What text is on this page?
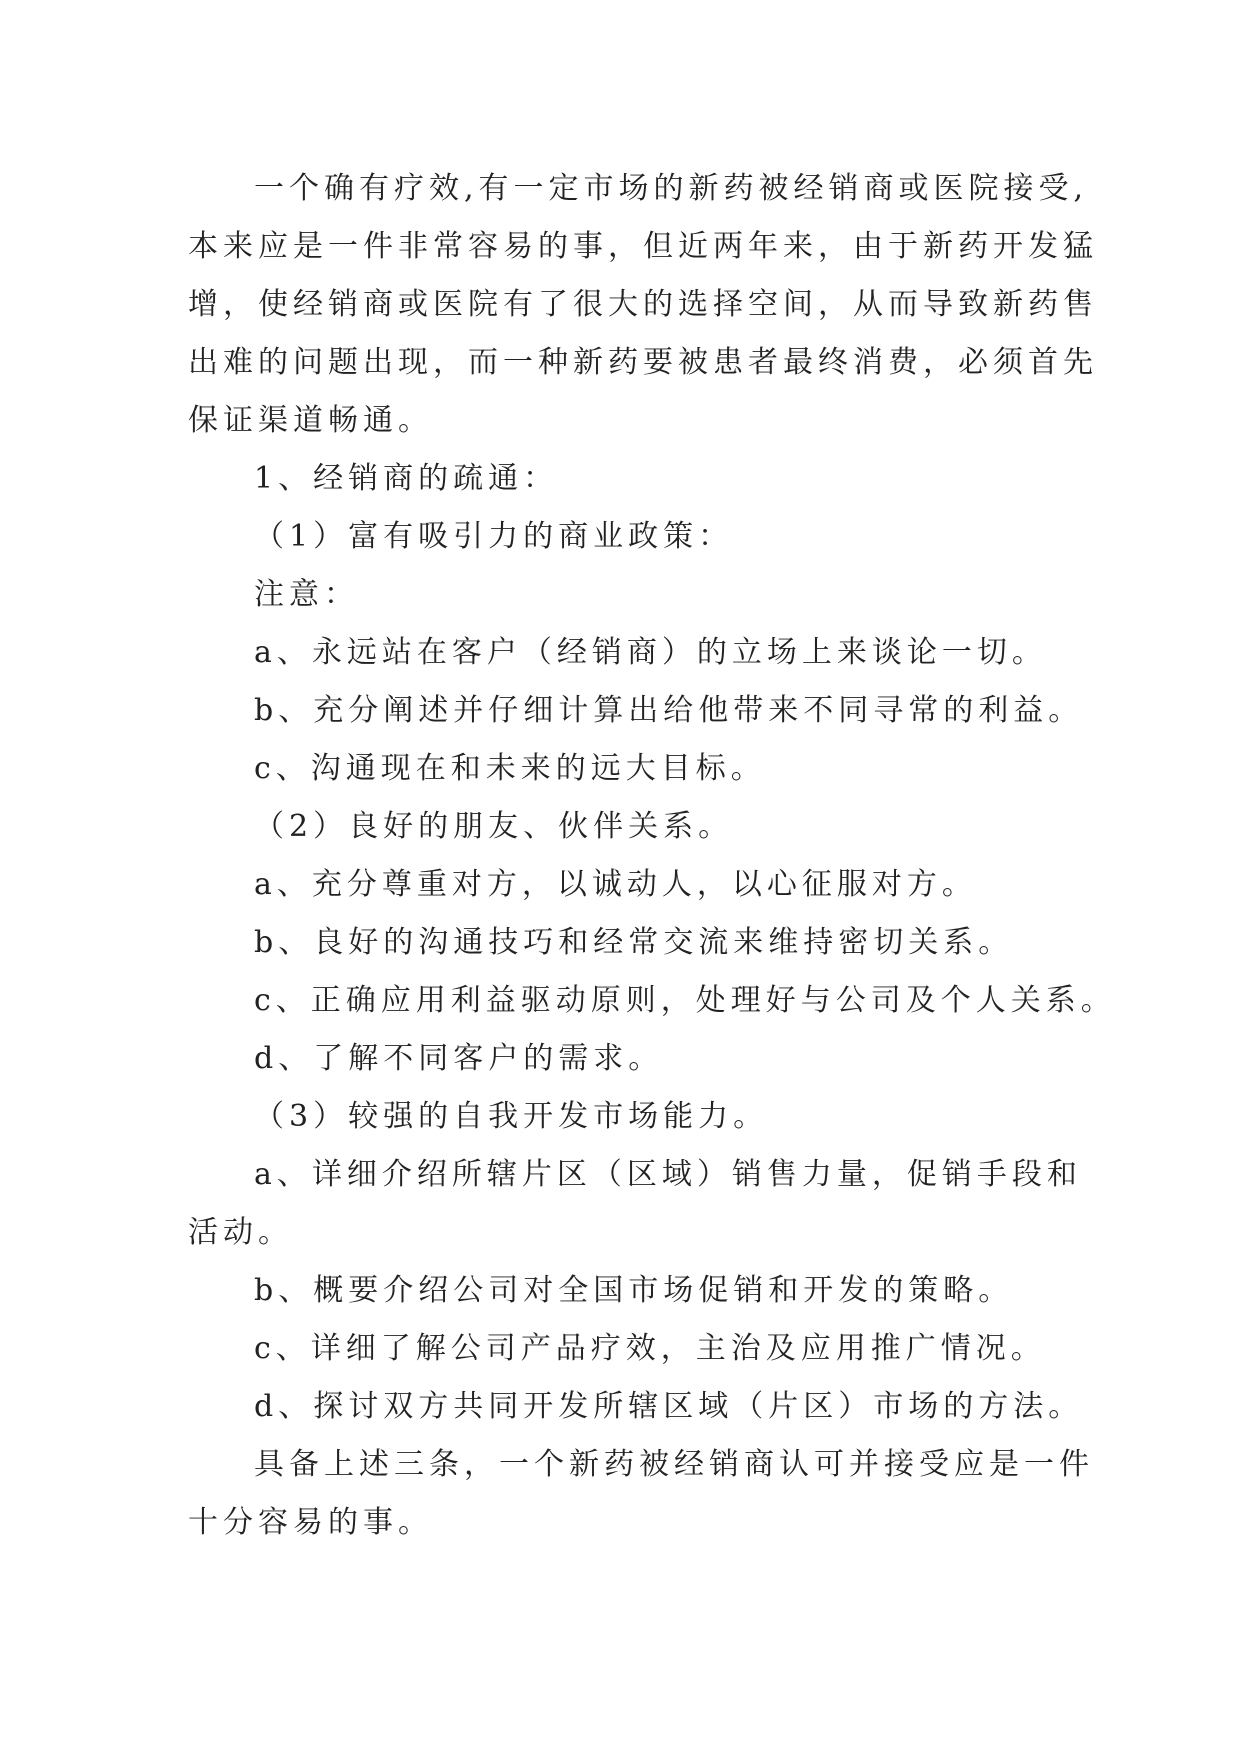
一个确有疗效,有一定市场的新药被经销商或医院接受,
本来应是一件非常容易的事，但近两年来，由于新药开发猛
增，使经销商或医院有了很大的选择空间，从而导致新药售
出难的问题出现，而一种新药要被患者最终消费，必须首先
保证渠道畅通。
1、经销商的疏通：
（1）富有吸引力的商业政策：
注意：
a、永远站在客户（经销商）的立场上来谈论一切。
b、充分阐述并仔细计算出给他带来不同寻常的利益。
c、沟通现在和未来的远大目标。
（2）良好的朋友、伙伴关系。
a、充分尊重对方，以诚动人，以心征服对方。
b、良好的沟通技巧和经常交流来维持密切关系。
c、正确应用利益驱动原则，处理好与公司及个人关系。
d、了解不同客户的需求。
（3）较强的自我开发市场能力。
a、详细介绍所辖片区（区域）销售力量，促销手段和
活动。
b、概要介绍公司对全国市场促销和开发的策略。
c、详细了解公司产品疗效，主治及应用推广情况。
d、探讨双方共同开发所辖区域（片区）市场的方法。
具备上述三条，一个新药被经销商认可并接受应是一件
十分容易的事。
